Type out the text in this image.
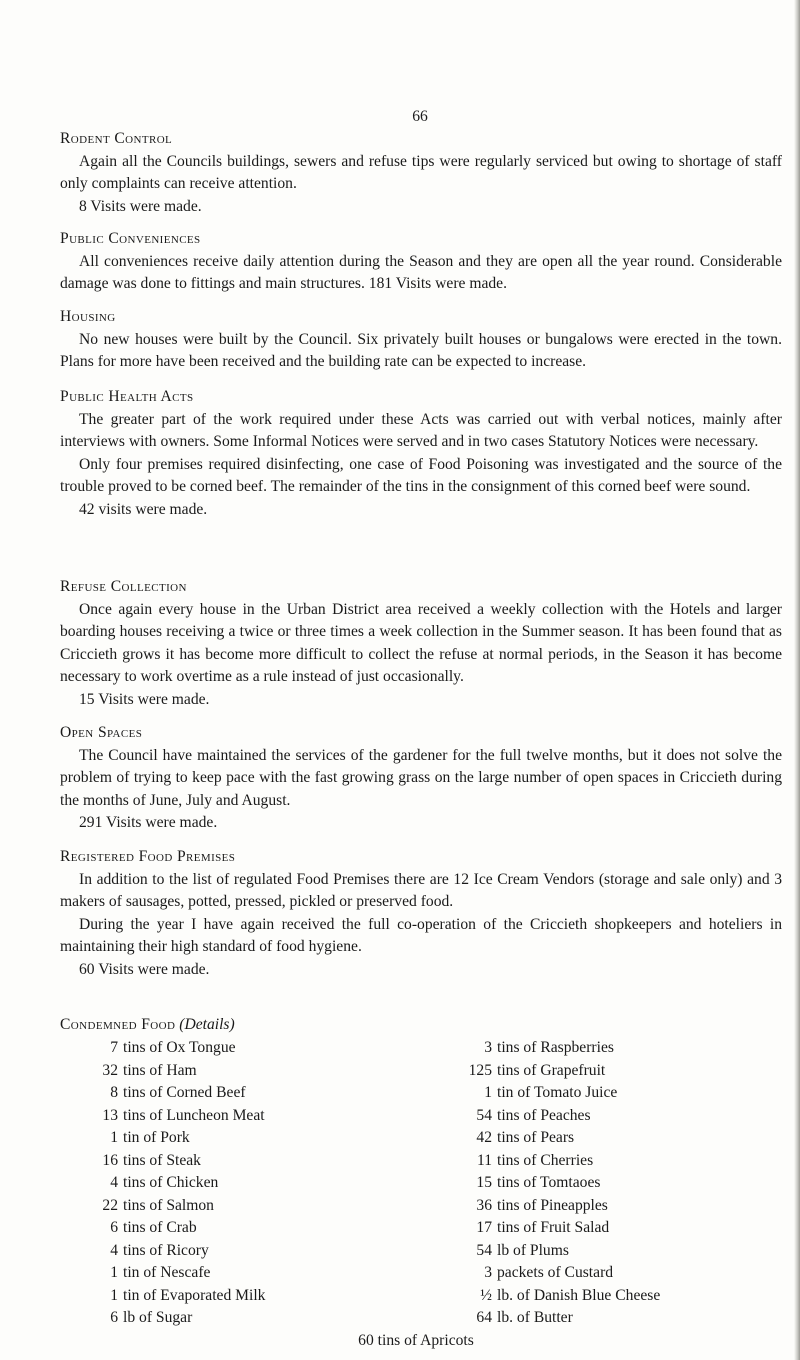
66
Rodent Control

Again all the Councils buildings, sewers and refuse tips were regularly serviced but owing to shortage of staff only complaints can receive attention.

8 Visits were made.

Public Conveniences

All conveniences receive daily attention during the Season and they are open all the year round. Considerable damage was done to fittings and main structures. 181 Visits were made.

Housing

No new houses were built by the Council. Six privately built houses or bungalows were erected in the town. Plans for more have been received and the building rate can be expected to increase.

Public Health Acts

The greater part of the work required under these Acts was carried out with verbal notices, mainly after interviews with owners. Some Informal Notices were served and in two cases Statutory Notices were necessary.

Only four premises required disinfecting, one case of Food Poisoning was investigated and the source of the trouble proved to be corned beef. The remainder of the tins in the consignment of this corned beef were sound.

42 visits were made.

Refuse Collection

Once again every house in the Urban District area received a weekly collection with the Hotels and larger boarding houses receiving a twice or three times a week collection in the Summer season. It has been found that as Criccieth grows it has become more difficult to collect the refuse at normal periods, in the Season it has become necessary to work overtime as a rule instead of just occasionally.

15 Visits were made.

Open Spaces

The Council have maintained the services of the gardener for the full twelve months, but it does not solve the problem of trying to keep pace with the fast growing grass on the large number of open spaces in Criccieth during the months of June, July and August.

291 Visits were made.

Registered Food Premises

In addition to the list of regulated Food Premises there are 12 Ice Cream Vendors (storage and sale only) and 3 makers of sausages, potted, pressed, pickled or preserved food.

During the year I have again received the full co-operation of the Criccieth shopkeepers and hoteliers in maintaining their high standard of food hygiene.

60 Visits were made.

Condemned Food (Details)
7 tins of Ox Tongue
32 tins of Ham
8 tins of Corned Beef
13 tins of Luncheon Meat
1 tin of Pork
16 tins of Steak
4 tins of Chicken
22 tins of Salmon
6 tins of Crab
4 tins of Ricory
1 tin of Nescafe
1 tin of Evaporated Milk
6 lb of Sugar
3 tins of Raspberries
125 tins of Grapefruit
1 tin of Tomato Juice
54 tins of Peaches
42 tins of Pears
11 tins of Cherries
15 tins of Tomtaoes
36 tins of Pineapples
17 tins of Fruit Salad
54 lb of Plums
3 packets of Custard
½ lb. of Danish Blue Cheese
64 lb. of Butter
60 tins of Apricots
